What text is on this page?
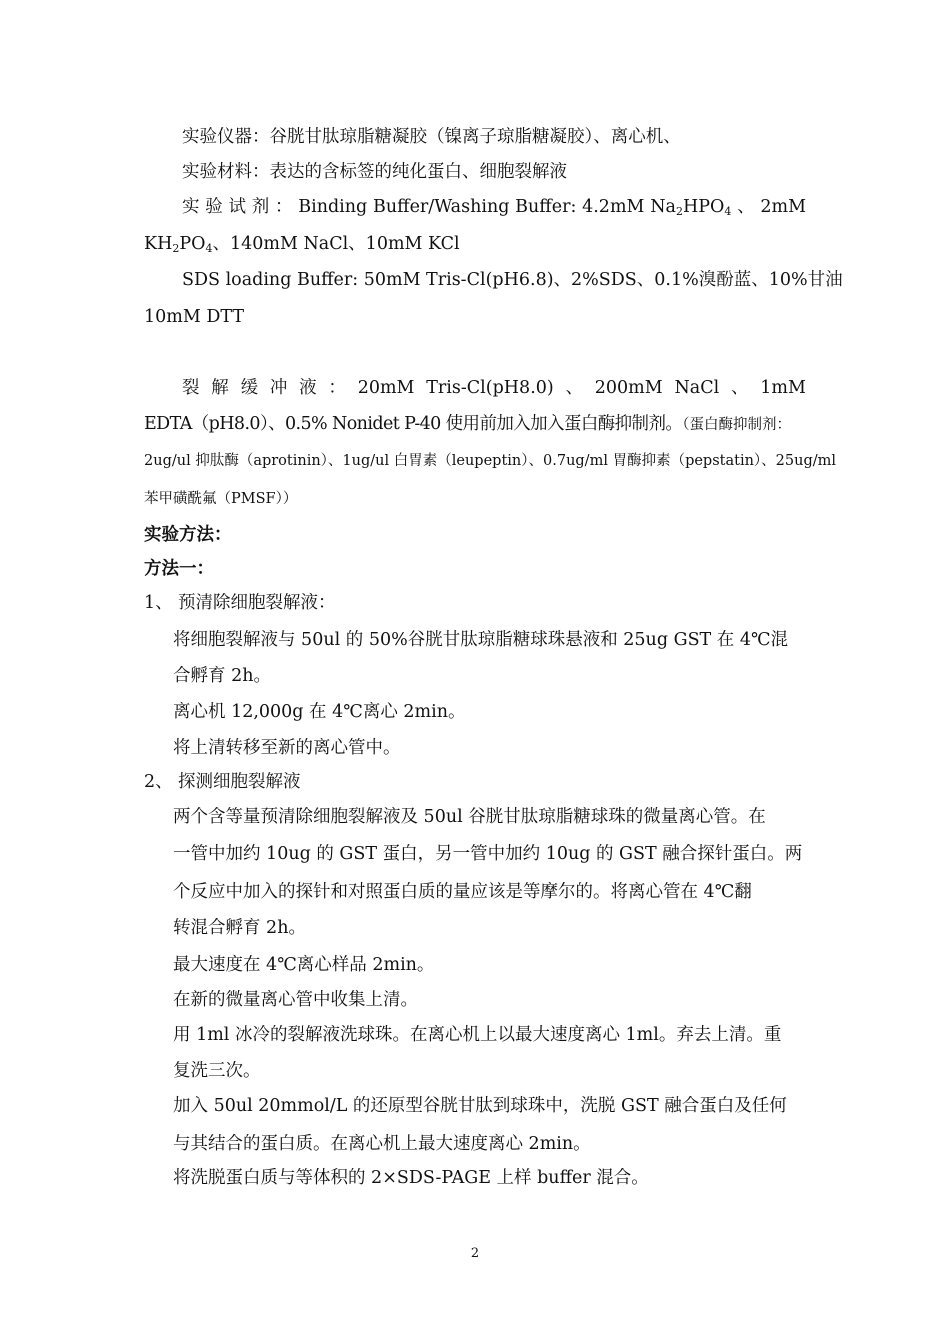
实验仪器：谷胱甘肽琼脂糖凝胶（镍离子琼脂糖凝胶）、离心机、
实验材料：表达的含标签的纯化蛋白、细胞裂解液
实 验 试 剂 ： Binding Buffer/Washing Buffer: 4.2mM $Na_2HPO_4$ 、 2mM
$KH_2PO_4$、140mM NaCl、10mM KCl
SDS loading Buffer: 50mM Tris-Cl(pH6.8)、2%SDS、0.1%溴酚蓝、10%甘油
10mM DTT
裂 解 缓 冲 液 ： 20mM Tris-Cl(pH8.0) 、 200mM NaCl 、 1mM
EDTA（pH8.0）、0.5% Nonidet P-40 使用前加入加入蛋白酶抑制剂。（蛋白酶抑制剂：
2ug/ul 抑肽酶（aprotinin）、1ug/ul 白胃素（leupeptin）、0.7ug/ml 胃酶抑素（pepstatin）、25ug/ml
苯甲磺酰氟（PMSF））
实验方法：
方法一：
1、 预清除细胞裂解液：
将细胞裂解液与 50ul 的 50%谷胱甘肽琼脂糖球珠悬液和 25ug GST 在 4℃混
合孵育 2h。
离心机 12,000g 在 4℃离心 2min。
将上清转移至新的离心管中。
2、 探测细胞裂解液
两个含等量预清除细胞裂解液及 50ul 谷胱甘肽琼脂糖球珠的微量离心管。在
一管中加约 10ug 的 GST 蛋白，另一管中加约 10ug 的 GST 融合探针蛋白。两
个反应中加入的探针和对照蛋白质的量应该是等摩尔的。将离心管在 4℃翻
转混合孵育 2h。
最大速度在 4℃离心样品 2min。
在新的微量离心管中收集上清。
用 1ml 冰冷的裂解液洗球珠。在离心机上以最大速度离心 1ml。弃去上清。重
复洗三次。
加入 50ul 20mmol/L 的还原型谷胱甘肽到球珠中，洗脱 GST 融合蛋白及任何
与其结合的蛋白质。在离心机上最大速度离心 2min。
将洗脱蛋白质与等体积的 2×SDS-PAGE 上样 buffer 混合。
2
